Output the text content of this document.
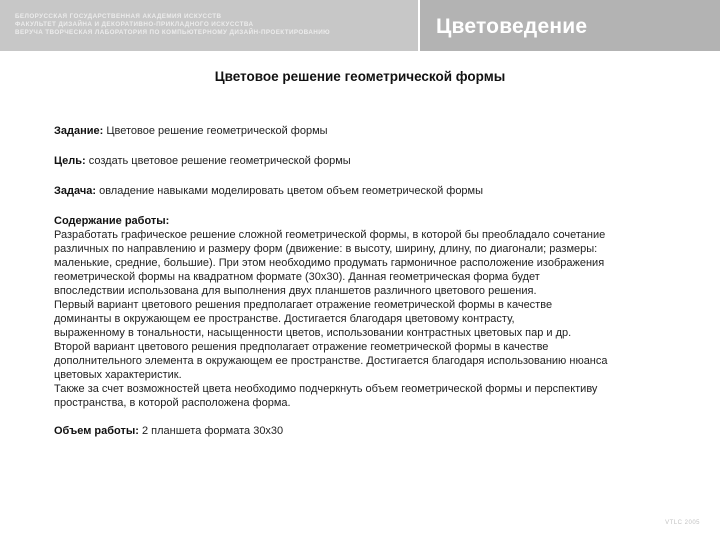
БЕЛОРУССКАЯ ГОСУДАРСТВЕННАЯ АКАДЕМИЯ ИСКУССТВ
ФАКУЛЬТЕТ ДИЗАЙНА И ДЕКОРАТИВНО-ПРИКЛАДНОГО ИСКУССТВА
ВЕРУЧА ТВОРЧЕСКАЯ ЛАБОРАТОРИЯ ПО КОМПЬЮТЕРНОМУ ДИЗАЙН-ПРОЕКТИРОВАНИЮ	Цветоведение
Цветовое решение геометрической формы

Задание: Цветовое решение геометрической формы

Цель: создать цветовое решение геометрической формы

Задача: овладение навыками моделировать цветом объем геометрической формы

Содержание работы:

Разработать графическое решение сложной геометрической формы, в которой бы преобладало сочетание
различных по направлению и размеру форм (движение: в высоту, ширину, длину, по диагонали; размеры:
маленькие, средние, большие). При этом необходимо продумать гармоничное расположение изображения
геометрической формы на квадратном формате (30х30). Данная геометрическая форма будет
впоследствии использована для выполнения двух планшетов различного цветового решения.
Первый вариант цветового решения предполагает отражение геометрической формы в качестве
доминанты в окружающем ее пространстве. Достигается благодаря цветовому контрасту,
выраженному в тональности, насыщенности цветов, использовании контрастных цветовых пар и др.
Второй вариант цветового решения предполагает отражение геометрической формы в качестве
дополнительного элемента в окружающем ее пространстве. Достигается благодаря использованию нюанса
цветовых характеристик.
Также за счет возможностей цвета необходимо подчеркнуть объем геометрической формы и перспективу
пространства, в которой расположена форма.

Объем работы: 2 планшета формата 30х30

VTLC 2005
